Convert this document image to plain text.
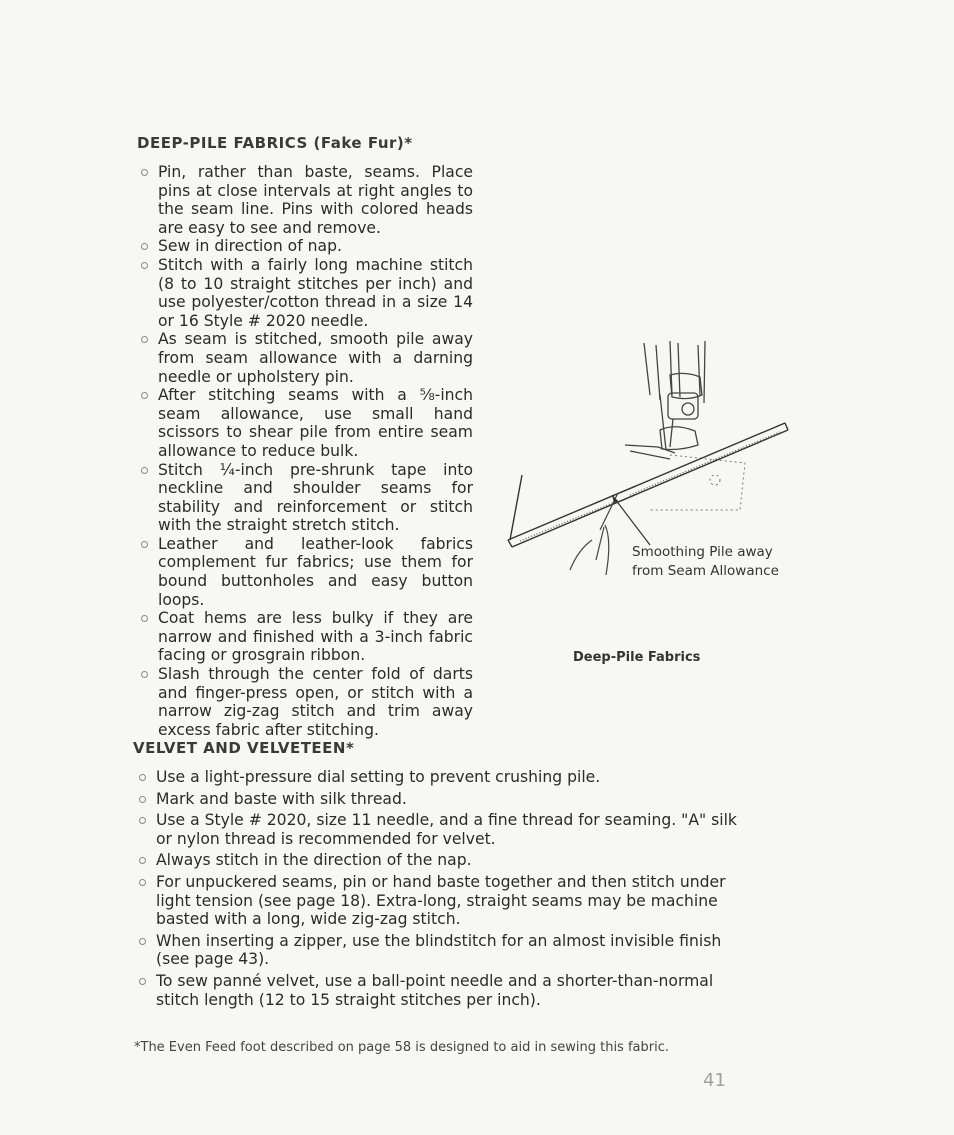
DEEP-PILE FABRICS (Fake Fur)*
Pin, rather than baste, seams. Place pins at close intervals at right angles to the seam line. Pins with colored heads are easy to see and remove.
Sew in direction of nap.
Stitch with a fairly long machine stitch (8 to 10 straight stitches per inch) and use polyester/cotton thread in a size 14 or 16 Style # 2020 needle.
As seam is stitched, smooth pile away from seam allowance with a darning needle or upholstery pin.
After stitching seams with a ⅝-inch seam allowance, use small hand scissors to shear pile from entire seam allowance to reduce bulk.
Stitch ¼-inch pre-shrunk tape into neckline and shoulder seams for stability and reinforcement or stitch with the straight stretch stitch.
Leather and leather-look fabrics complement fur fabrics; use them for bound buttonholes and easy button loops.
Coat hems are less bulky if they are narrow and finished with a 3-inch fabric facing or grosgrain ribbon.
Slash through the center fold of darts and finger-press open, or stitch with a narrow zig-zag stitch and trim away excess fabric after stitching.
Smoothing Pile away
from Seam Allowance
Deep-Pile Fabrics
VELVET AND VELVETEEN*
Use a light-pressure dial setting to prevent crushing pile.
Mark and baste with silk thread.
Use a Style # 2020, size 11 needle, and a fine thread for seaming. "A" silk or nylon thread is recommended for velvet.
Always stitch in the direction of the nap.
For unpuckered seams, pin or hand baste together and then stitch under light tension (see page 18). Extra-long, straight seams may be machine basted with a long, wide zig-zag stitch.
When inserting a zipper, use the blindstitch for an almost invisible finish (see page 43).
To sew panné velvet, use a ball-point needle and a shorter-than-normal stitch length (12 to 15 straight stitches per inch).
*The Even Feed foot described on page 58 is designed to aid in sewing this fabric.
41
